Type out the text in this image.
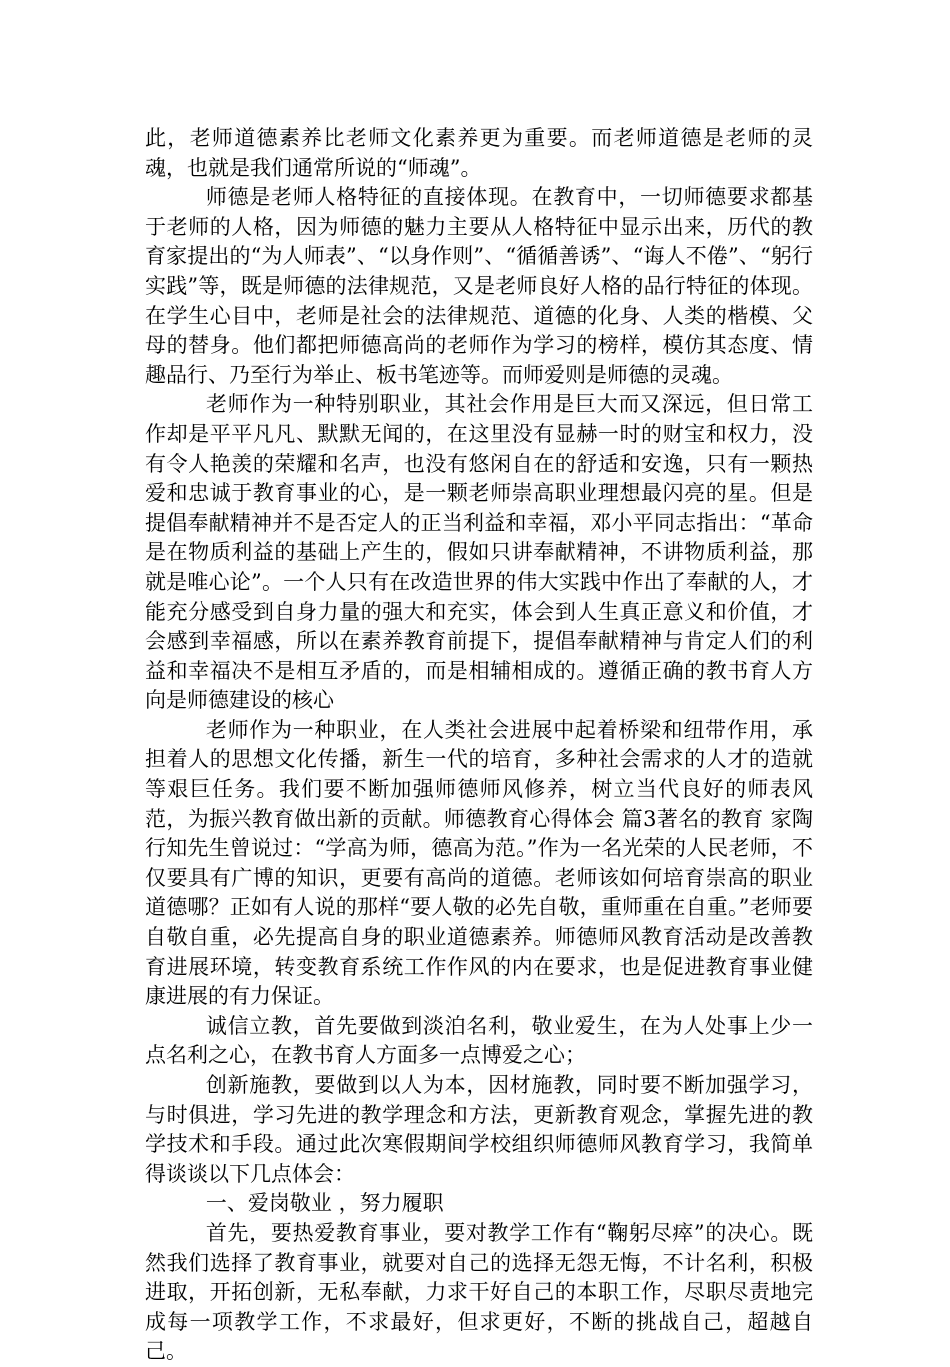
此，老师道德素养比老师文化素养更为重要。而老师道德是老师的灵魂，也就是我们通常所说的“师魂”。

师德是老师人格特征的直接体现。在教育中，一切师德要求都基于老师的人格，因为师德的魅力主要从人格特征中显示出来，历代的教育家提出的“为人师表”、“以身作则”、“循循善诱”、“诲人不倦”、“躬行实践”等，既是师德的法律规范，又是老师良好人格的品行特征的体现。在学生心目中，老师是社会的法律规范、道德的化身、人类的楷模、父母的替身。他们都把师德高尚的老师作为学习的榜样，模仿其态度、情趣品行、乃至行为举止、板书笔迹等。而师爱则是师德的灵魂。

老师作为一种特别职业，其社会作用是巨大而又深远，但日常工作却是平平凡凡、默默无闻的，在这里没有显赫一时的财宝和权力，没有令人艳羡的荣耀和名声，也没有悠闲自在的舒适和安逸，只有一颗热爱和忠诚于教育事业的心，是一颗老师崇高职业理想最闪亮的星。但是提倡奉献精神并不是否定人的正当利益和幸福，邓小平同志指出：“革命是在物质利益的基础上产生的，假如只讲奉献精神，不讲物质利益，那就是唯心论”。一个人只有在改造世界的伟大实践中作出了奉献的人，才能充分感受到自身力量的强大和充实，体会到人生真正意义和价值，才会感到幸福感，所以在素养教育前提下，提倡奉献精神与肯定人们的利益和幸福决不是相互矛盾的，而是相辅相成的。遵循正确的教书育人方向是师德建设的核心

老师作为一种职业，在人类社会进展中起着桥梁和纽带作用，承担着人的思想文化传播，新生一代的培育，多种社会需求的人才的造就等艰巨任务。我们要不断加强师德师风修养，树立当代良好的师表风范，为振兴教育做出新的贡献。师德教育心得体会 篇3著名的教育 家陶行知先生曾说过：“学高为师，德高为范。”作为一名光荣的人民老师，不仅要具有广博的知识，更要有高尚的道德。老师该如何培育崇高的职业道德哪？正如有人说的那样“要人敬的必先自敬，重师重在自重。”老师要自敬自重，必先提高自身的职业道德素养。师德师风教育活动是改善教育进展环境，转变教育系统工作作风的内在要求，也是促进教育事业健康进展的有力保证。

诚信立教，首先要做到淡泊名利，敬业爱生，在为人处事上少一点名利之心，在教书育人方面多一点博爱之心；

创新施教，要做到以人为本，因材施教，同时要不断加强学习，与时俱进，学习先进的教学理念和方法，更新教育观念，掌握先进的教学技术和手段。通过此次寒假期间学校组织师德师风教育学习，我简单得谈谈以下几点体会：

一、爱岗敬业 ，努力履职

首先，要热爱教育事业，要对教学工作有“鞠躬尽瘁”的决心。既然我们选择了教育事业，就要对自己的选择无怨无悔，不计名利，积极进取，开拓创新，无私奉献，力求干好自己的本职工作，尽职尽责地完成每一项教学工作，不求最好，但求更好，不断的挑战自己，超越自己。
